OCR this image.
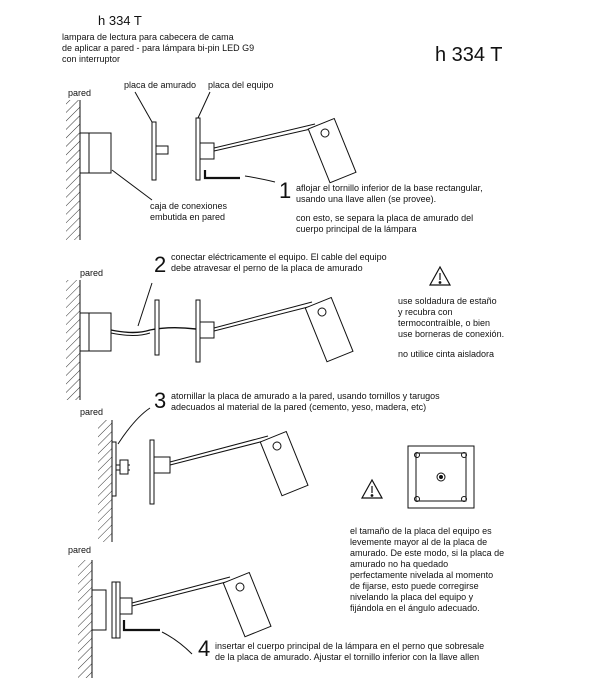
h 334 T
lampara de lectura para cabecera de cama
de aplicar a pared - para lámpara bi-pin LED G9
con interruptor	h 334 T
pared
placa de amurado placa del equipo
caja de conexiones
embutida en pared
1 aflojar el tornillo inferior de la base rectangular,
usando una llave allen (se provee).
con esto, se separa la placa de amurado del
cuerpo principal de la lámpara
pared 2 conectar eléctricamente el equipo. El cable del equipo
debe atravesar el perno de la placa de amurado
use soldadura de estaño
y recubra con
termocontraíble, o bien
use borneras de conexión.
no utilice cinta aisladora
pared 3 atornillar la placa de amurado a la pared, usando tornillos y tarugos
adecuados al material de la pared (cemento, yeso, madera, etc)
el tamaño de la placa del equipo es
levemente mayor al de la placa de
amurado. De este modo, si la placa de
amurado no ha quedado
perfectamente nivelada al momento
de fijarse, esto puede corregirse
nivelando la placa del equipo y
fijándola en el ángulo adecuado.
pared
4 insertar el cuerpo principal de la lámpara en el perno que sobresale
de la placa de amurado. Ajustar el tornillo inferior con la llave allen
